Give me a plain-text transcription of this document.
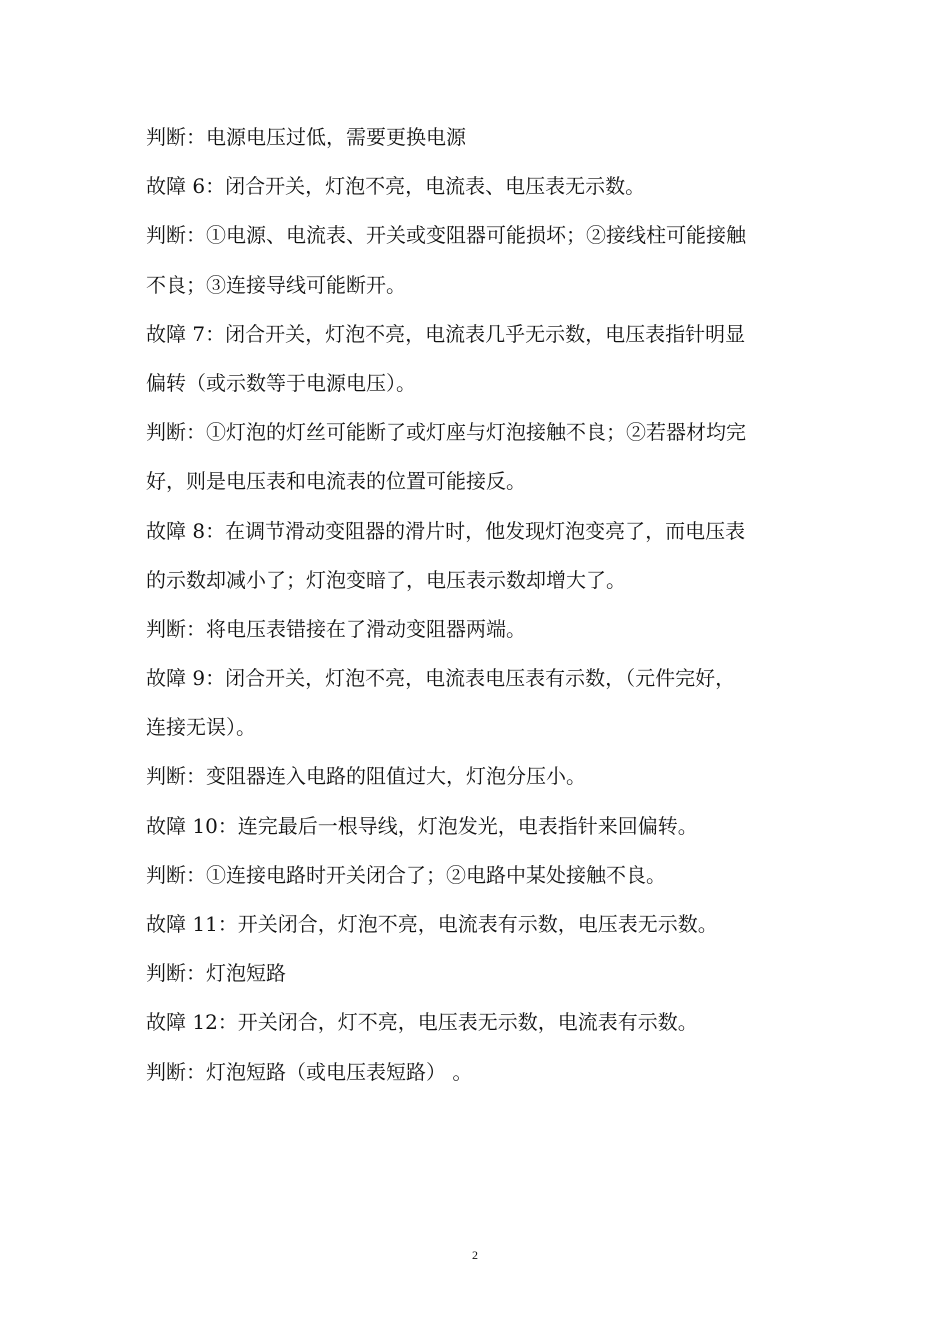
判断：电源电压过低，需要更换电源
故障 6：闭合开关，灯泡不亮，电流表、电压表无示数。
判断：①电源、电流表、开关或变阻器可能损坏；②接线柱可能接触
不良；③连接导线可能断开。
故障 7：闭合开关，灯泡不亮，电流表几乎无示数，电压表指针明显
偏转（或示数等于电源电压）。
判断：①灯泡的灯丝可能断了或灯座与灯泡接触不良；②若器材均完
好，则是电压表和电流表的位置可能接反。
故障 8：在调节滑动变阻器的滑片时，他发现灯泡变亮了，而电压表
的示数却减小了；灯泡变暗了，电压表示数却增大了。
判断：将电压表错接在了滑动变阻器两端。
故障 9：闭合开关，灯泡不亮，电流表电压表有示数，（元件完好，
连接无误）。
判断：变阻器连入电路的阻值过大，灯泡分压小。
故障 10：连完最后一根导线，灯泡发光，电表指针来回偏转。
判断：①连接电路时开关闭合了；②电路中某处接触不良。
故障 11：开关闭合，灯泡不亮，电流表有示数，电压表无示数。
判断：灯泡短路
故障 12：开关闭合，灯不亮，电压表无示数，电流表有示数。
判断：灯泡短路（或电压表短路） 。
2
